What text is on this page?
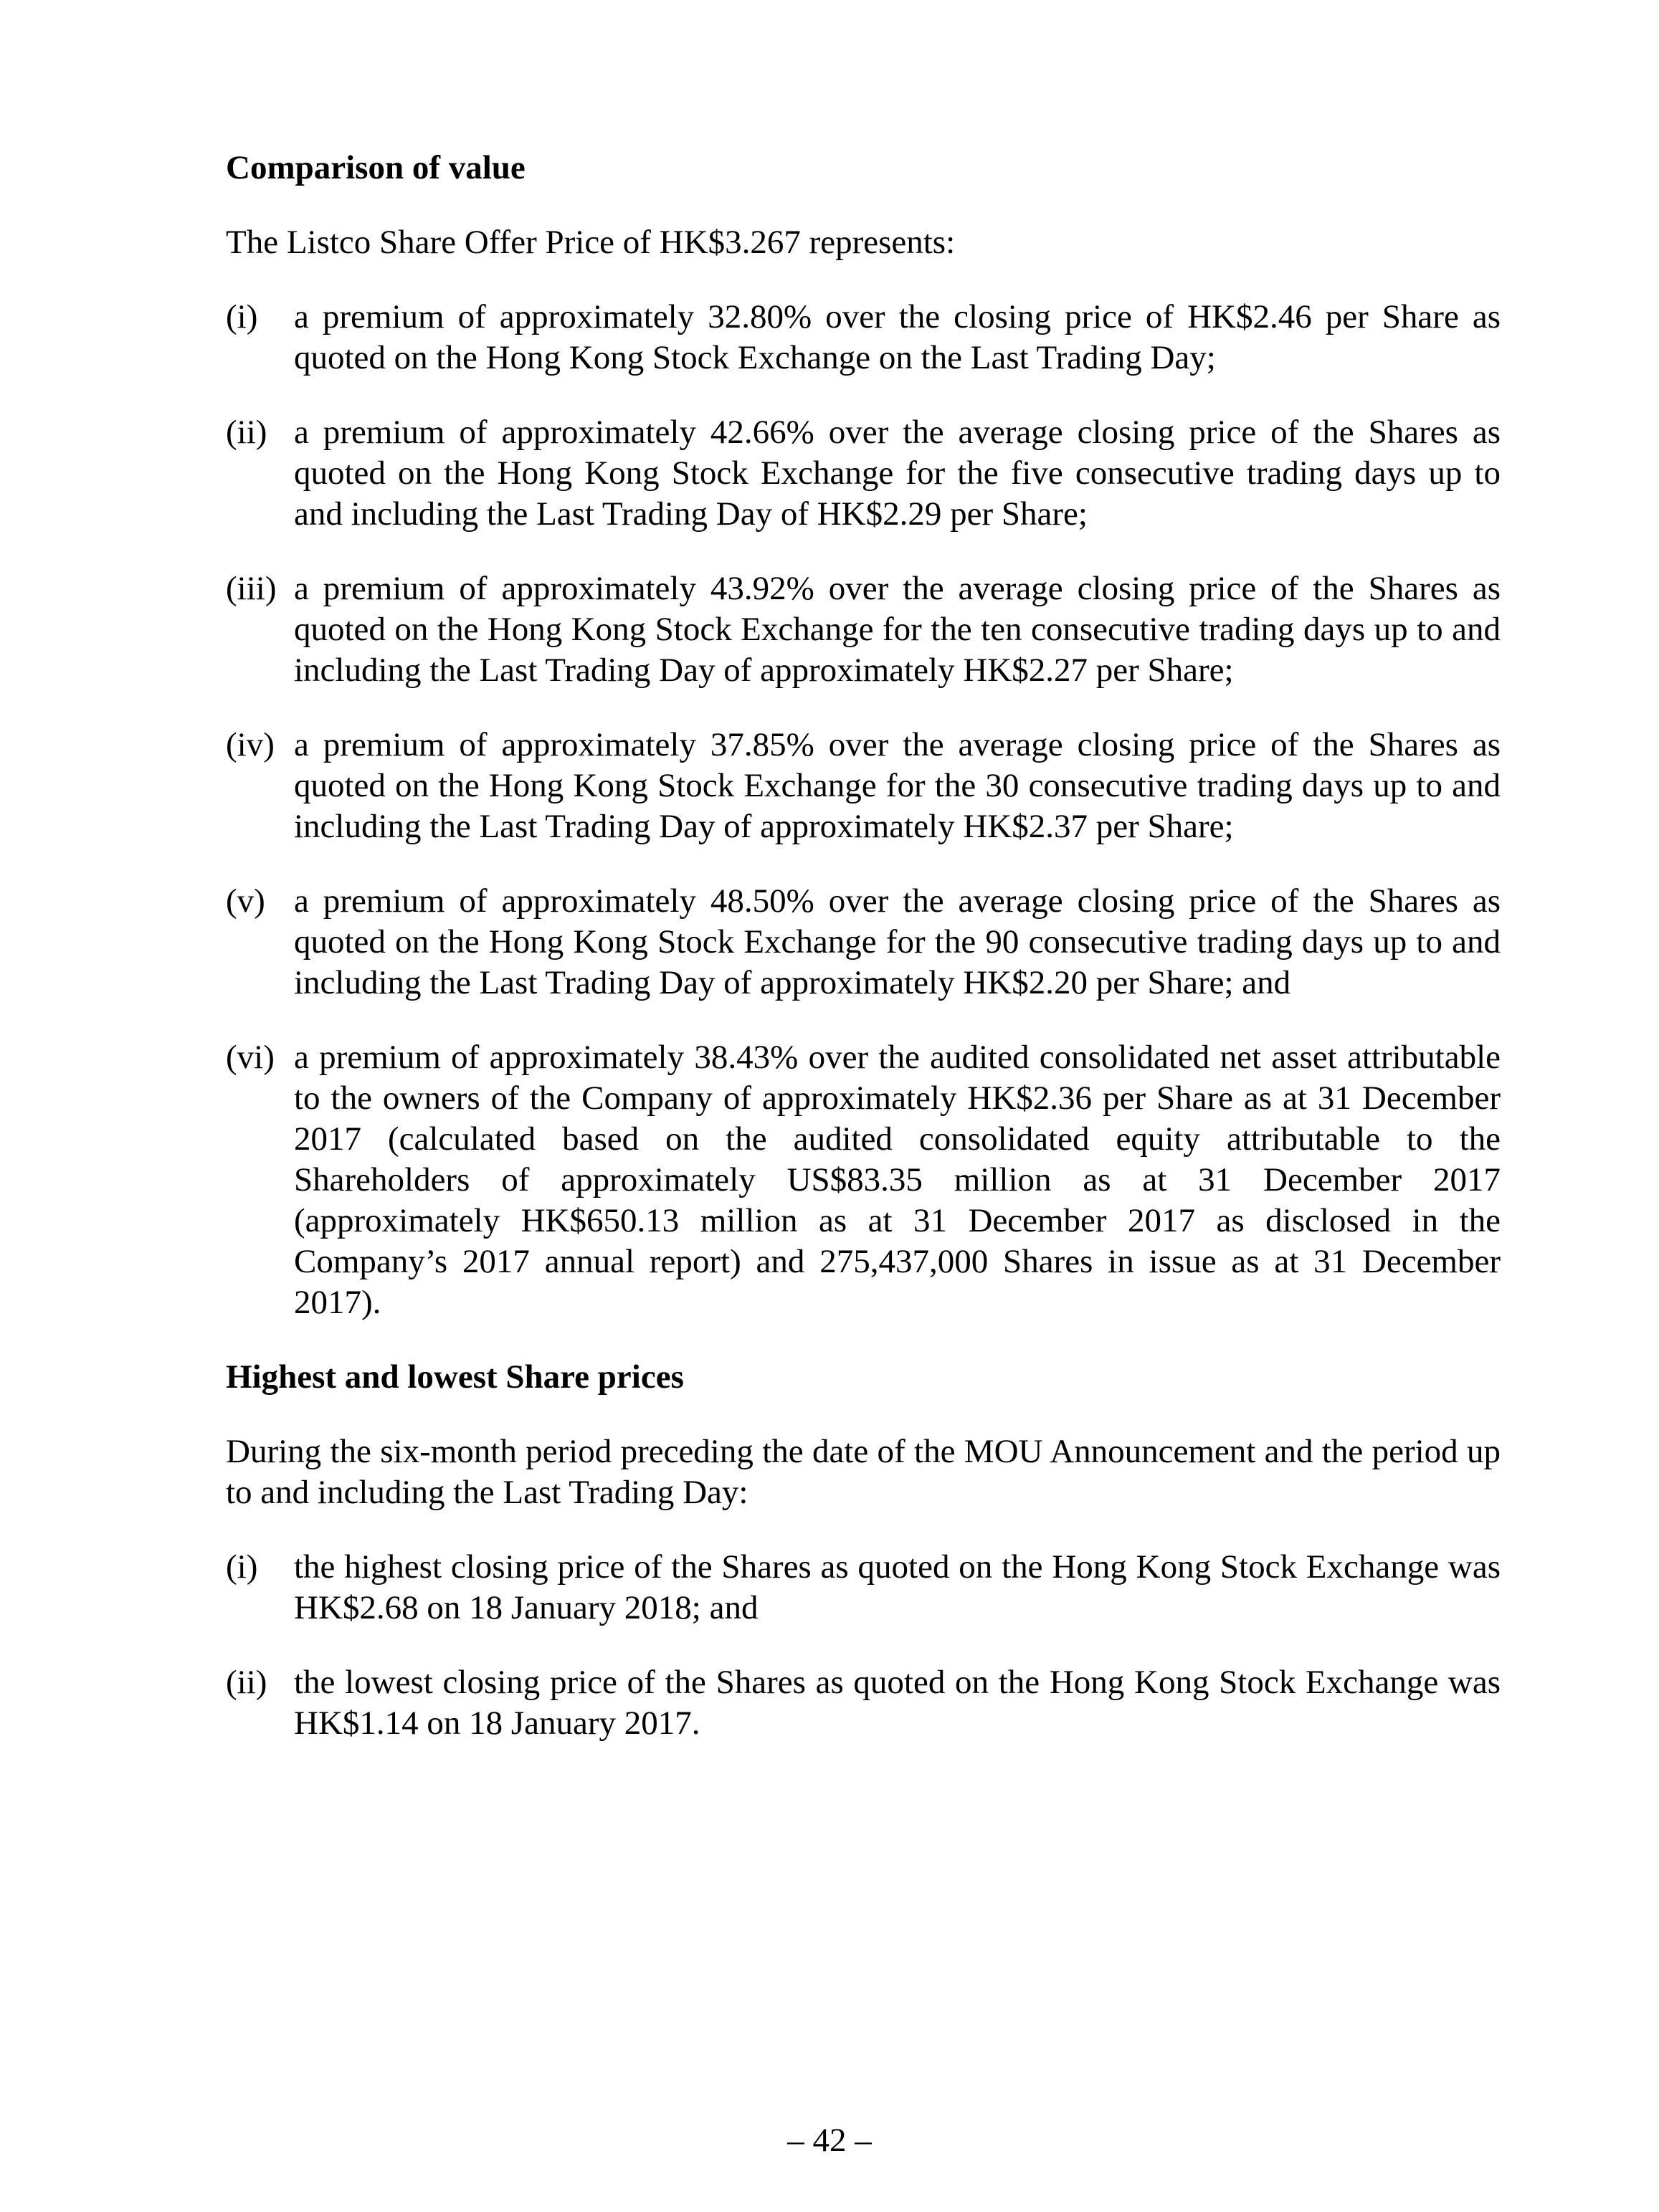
Comparison of value

The Listco Share Offer Price of HK$3.267 represents:

(i)	a premium of approximately 32.80% over the closing price of HK$2.46 per Share as quoted on the Hong Kong Stock Exchange on the Last Trading Day;
(ii) a premium of approximately 42.66% over the average closing price of the Shares as quoted on the Hong Kong Stock Exchange for the five consecutive trading days up to and including the Last Trading Day of HK$2.29 per Share;
(iii) a premium of approximately 43.92% over the average closing price of the Shares as quoted on the Hong Kong Stock Exchange for the ten consecutive trading days up to and including the Last Trading Day of approximately HK$2.27 per Share;
(iv) a premium of approximately 37.85% over the average closing price of the Shares as quoted on the Hong Kong Stock Exchange for the 30 consecutive trading days up to and including the Last Trading Day of approximately HK$2.37 per Share;
(v) a premium of approximately 48.50% over the average closing price of the Shares as quoted on the Hong Kong Stock Exchange for the 90 consecutive trading days up to and including the Last Trading Day of approximately HK$2.20 per Share; and
(vi) a premium of approximately 38.43% over the audited consolidated net asset attributable to the owners of the Company of approximately HK$2.36 per Share as at 31 December 2017 (calculated based on the audited consolidated equity attributable to the Shareholders of approximately US$83.35 million as at 31 December 2017 (approximately HK$650.13 million as at 31 December 2017 as disclosed in the Company’s 2017 annual report) and 275,437,000 Shares in issue as at 31 December 2017).
Highest and lowest Share prices

During the six-month period preceding the date of the MOU Announcement and the period up to and including the Last Trading Day:

(i)	the highest closing price of the Shares as quoted on the Hong Kong Stock Exchange was HK$2.68 on 18 January 2018; and
(ii) the lowest closing price of the Shares as quoted on the Hong Kong Stock Exchange was HK$1.14 on 18 January 2017.
– 42 –
